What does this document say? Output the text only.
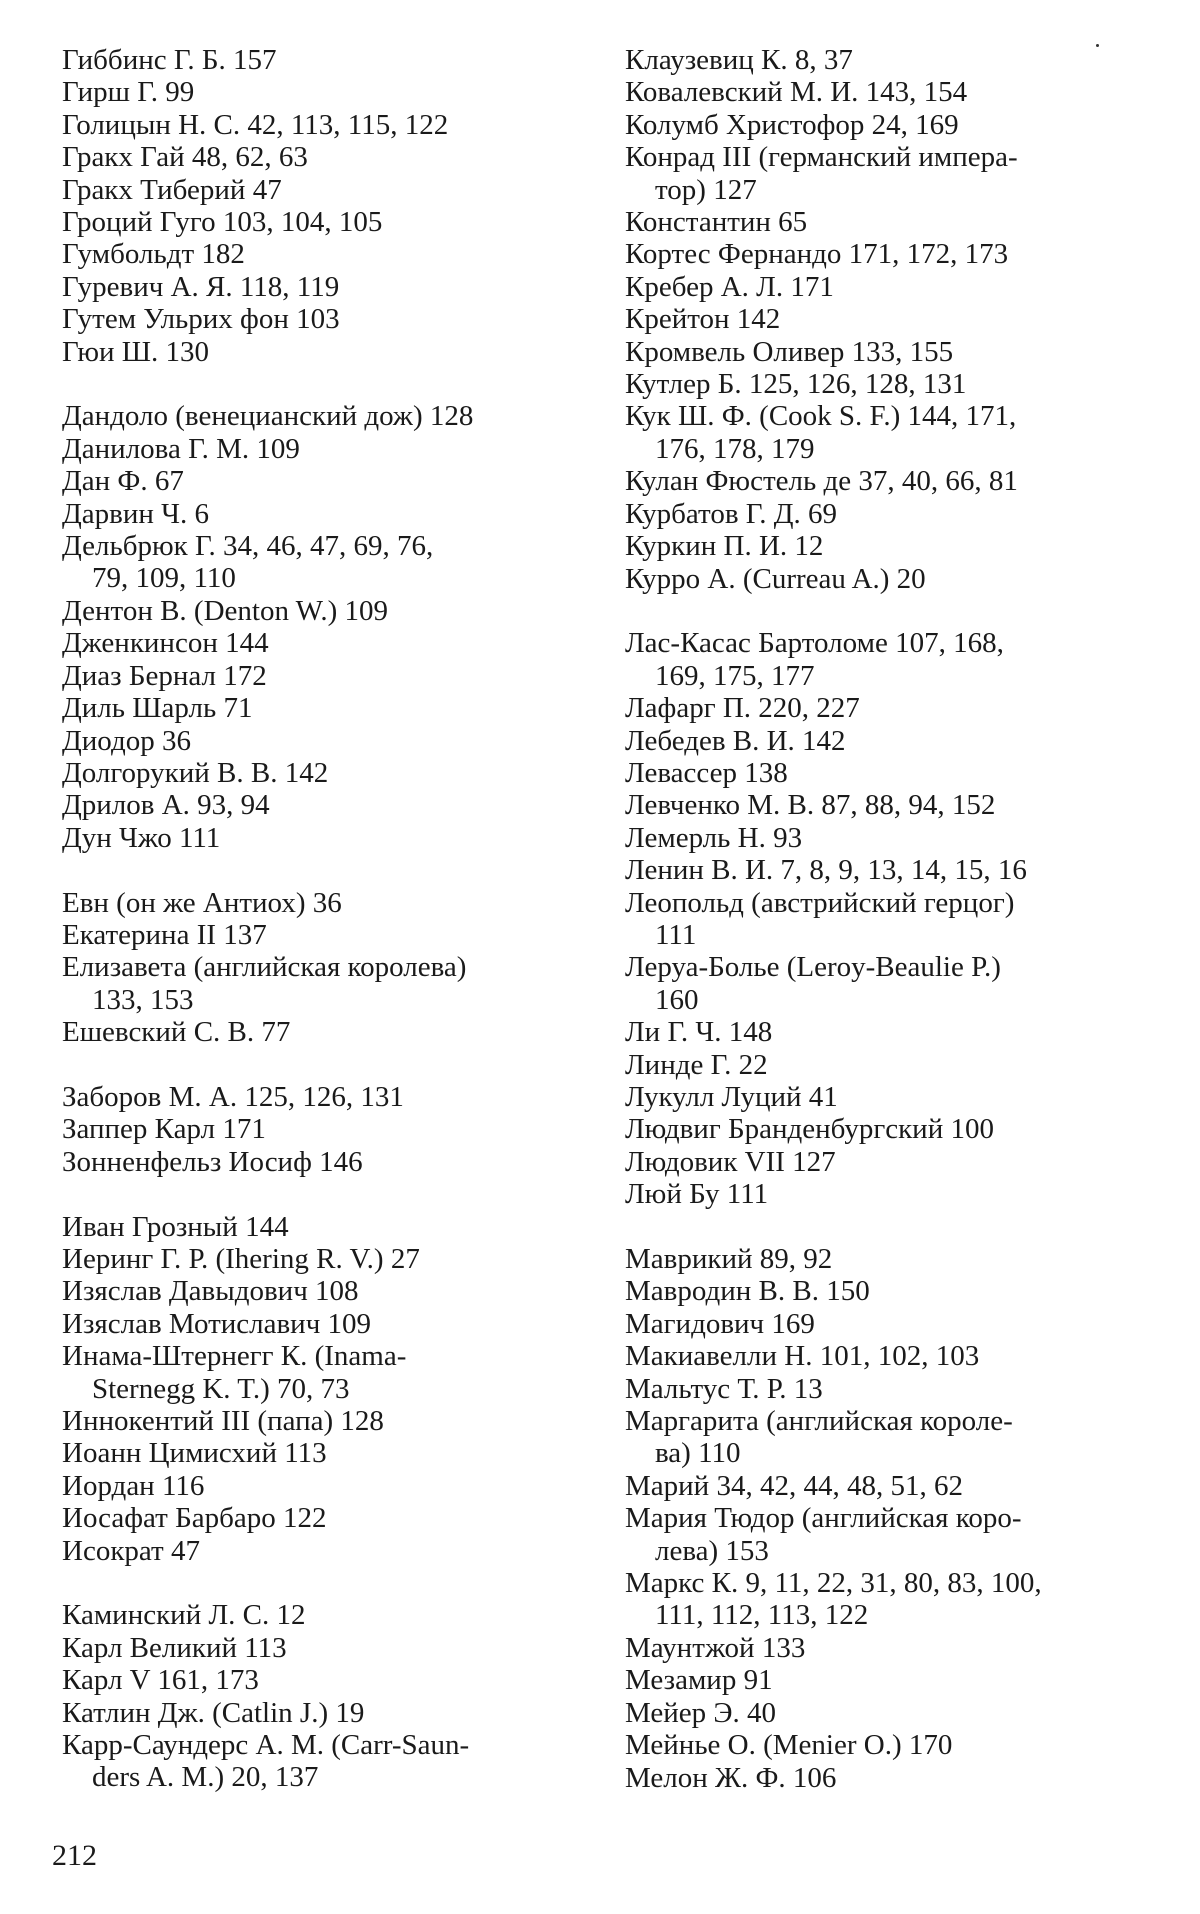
Гиббинс Г. Б. 157
Гирш Г. 99
Голицын Н. С. 42, 113, 115, 122
Гракх Гай 48, 62, 63
Гракх Тиберий 47
Гроций Гуго 103, 104, 105
Гумбольдт 182
Гуревич А. Я. 118, 119
Гутем Ульрих фон 103
Гюи Ш. 130
Дандоло (венецианский дож) 128
Данилова Г. М. 109
Дан Ф. 67
Дарвин Ч. 6
Дельбрюк Г. 34, 46, 47, 69, 76,
79, 109, 110
Дентон В. (Denton W.) 109
Дженкинсон 144
Диаз Бернал 172
Диль Шарль 71
Диодор 36
Долгорукий В. В. 142
Дрилов А. 93, 94
Дун Чжо 111
Евн (он же Антиох) 36
Екатерина II 137
Елизавета (английская королева)
133, 153
Ешевский С. В. 77
Заборов М. А. 125, 126, 131
Заппер Карл 171
Зонненфельз Иосиф 146
Иван Грозный 144
Иеринг Г. Р. (Ihering R. V.) 27
Изяслав Давыдович 108
Изяслав Мотиславич 109
Инама-Штернегг К. (Inama-
Sternegg K. T.) 70, 73
Иннокентий III (папа) 128
Иоанн Цимисхий 113
Иордан 116
Иосафат Барбаро 122
Исократ 47
Каминский Л. С. 12
Карл Великий 113
Карл V 161, 173
Катлин Дж. (Catlin J.) 19
Карр-Саундерс А. М. (Carr-Saun-
ders A. M.) 20, 137
Клаузевиц К. 8, 37
Ковалевский М. И. 143, 154
Колумб Христофор 24, 169
Конрад III (германский импера-
тор) 127
Константин 65
Кортес Фернандо 171, 172, 173
Кребер А. Л. 171
Крейтон 142
Кромвель Оливер 133, 155
Кутлер Б. 125, 126, 128, 131
Кук Ш. Ф. (Cook S. F.) 144, 171,
176, 178, 179
Кулан Фюстель де 37, 40, 66, 81
Курбатов Г. Д. 69
Куркин П. И. 12
Курро А. (Curreau A.) 20
Лас-Касас Бартоломе 107, 168,
169, 175, 177
Лафарг П. 220, 227
Лебедев В. И. 142
Левассер 138
Левченко М. В. 87, 88, 94, 152
Лемерль Н. 93
Ленин В. И. 7, 8, 9, 13, 14, 15, 16
Леопольд (австрийский герцог)
111
Леруа-Болье (Leroy-Beaulie P.)
160
Ли Г. Ч. 148
Линде Г. 22
Лукулл Луций 41
Людвиг Бранденбургский 100
Людовик VII 127
Люй Бу 111
Маврикий 89, 92
Мавродин В. В. 150
Магидович 169
Макиавелли Н. 101, 102, 103
Мальтус Т. Р. 13
Маргарита (английская короле-
ва) 110
Марий 34, 42, 44, 48, 51, 62
Мария Тюдор (английская коро-
лева) 153
Маркс К. 9, 11, 22, 31, 80, 83, 100,
111, 112, 113, 122
Маунтжой 133
Мезамир 91
Мейер Э. 40
Мейнье О. (Menier O.) 170
Мелон Ж. Ф. 106
212
